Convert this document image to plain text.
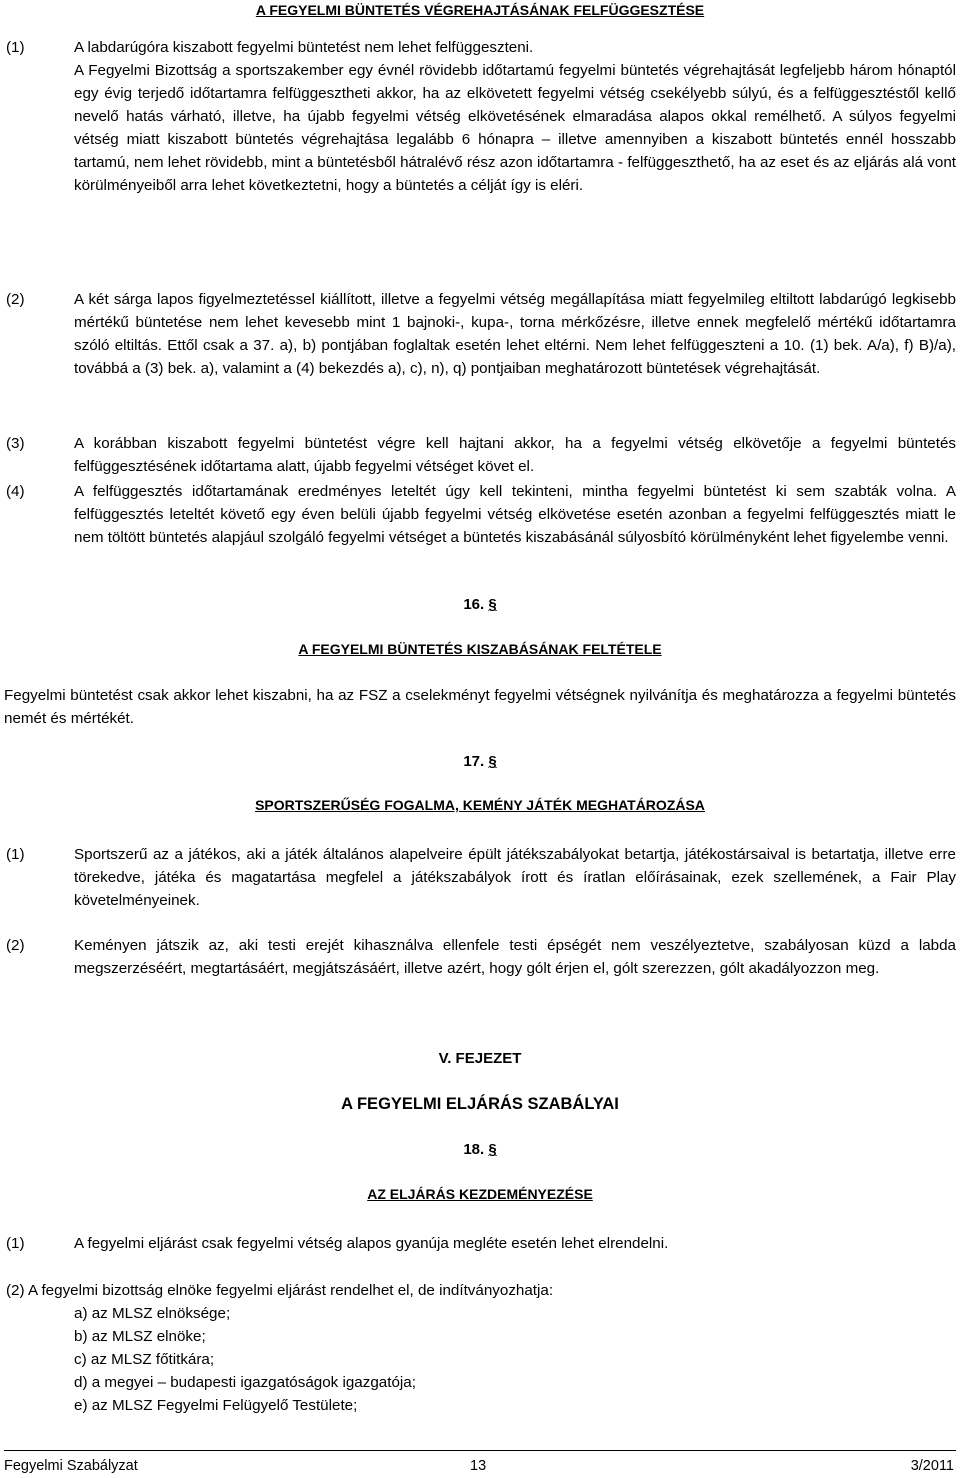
A FEGYELMI BÜNTETÉS VÉGREHAJTÁSÁNAK FELFÜGGESZTÉSE
(1)	A labdarúgóra kiszabott fegyelmi büntetést nem lehet felfüggeszteni.
A Fegyelmi Bizottság a sportszakember egy évnél rövidebb időtartamú fegyelmi büntetés végrehajtását legfeljebb három hónaptól egy évig terjedő időtartamra felfüggesztheti akkor, ha az elkövetett fegyelmi vétség csekélyebb súlyú, és a felfüggesztéstől kellő nevelő hatás várható, illetve, ha újabb fegyelmi vétség elkövetésének elmaradása alapos okkal remélhető. A súlyos fegyelmi vétség miatt kiszabott büntetés végrehajtása legalább 6 hónapra – illetve amennyiben a kiszabott büntetés ennél hosszabb tartamú, nem lehet rövidebb, mint a büntetésből hátralévő rész azon időtartamra - felfüggeszthető, ha az eset és az eljárás alá vont körülményeiből arra lehet következtetni, hogy a büntetés a célját így is eléri.
(2)	A két sárga lapos figyelmeztetéssel kiállított, illetve a fegyelmi vétség megállapítása miatt fegyelmileg eltiltott labdarúgó legkisebb mértékű büntetése nem lehet kevesebb mint 1 bajnoki-, kupa-, torna mérkőzésre, illetve ennek megfelelő mértékű időtartamra szóló eltiltás. Ettől csak a 37. a), b) pontjában foglaltak esetén lehet eltérni. Nem lehet felfüggeszteni a 10. (1) bek. A/a), f) B)/a), továbbá a (3) bek. a), valamint a (4) bekezdés a), c), n), q) pontjaiban meghatározott büntetések végrehajtását.
(3)	A korábban kiszabott fegyelmi büntetést végre kell hajtani akkor, ha a fegyelmi vétség elkövetője a fegyelmi büntetés felfüggesztésének időtartama alatt, újabb fegyelmi vétséget követ el.
(4)	A felfüggesztés időtartamának eredményes leteltét úgy kell tekinteni, mintha fegyelmi büntetést ki sem szabták volna. A felfüggesztés leteltét követő egy éven belüli újabb fegyelmi vétség elkövetése esetén azonban a fegyelmi felfüggesztés miatt le nem töltött büntetés alapjául szolgáló fegyelmi vétséget a büntetés kiszabásánál súlyosbító körülményként lehet figyelembe venni.
16. §
A FEGYELMI BÜNTETÉS KISZABÁSÁNAK FELTÉTELE
Fegyelmi büntetést csak akkor lehet kiszabni, ha az FSZ a cselekményt fegyelmi vétségnek nyilvánítja és meghatározza a fegyelmi büntetés nemét és mértékét.
17. §
SPORTSZERŰSÉG FOGALMA, KEMÉNY JÁTÉK MEGHATÁROZÁSA
(1)	Sportszerű az a játékos, aki a játék általános alapelveire épült játékszabályokat betartja, játékostársaival is betartatja, illetve erre törekedve, játéka és magatartása megfelel a játékszabályok írott és íratlan előírásainak, ezek szellemének, a Fair Play követelményeinek.
(2)	Keményen játszik az, aki testi erejét kihasználva ellenfele testi épségét nem veszélyeztetve, szabályosan küzd a labda megszerzéséért, megtartásáért, megjátszásáért, illetve azért, hogy gólt érjen el, gólt szerezzen, gólt akadályozzon meg.
V. FEJEZET
A FEGYELMI ELJÁRÁS SZABÁLYAI
18. §
AZ ELJÁRÁS KEZDEMÉNYEZÉSE
(1)	A fegyelmi eljárást csak fegyelmi vétség alapos gyanúja megléte esetén lehet elrendelni.
(2) A fegyelmi bizottság elnöke fegyelmi eljárást rendelhet el, de indítványozhatja:
a) az MLSZ elnöksége;
b) az MLSZ elnöke;
c) az MLSZ főtitkára;
d) a megyei – budapesti igazgatóságok igazgatója;
e) az MLSZ Fegyelmi Felügyelő Testülete;
Fegyelmi Szabályzat	13	3/2011
